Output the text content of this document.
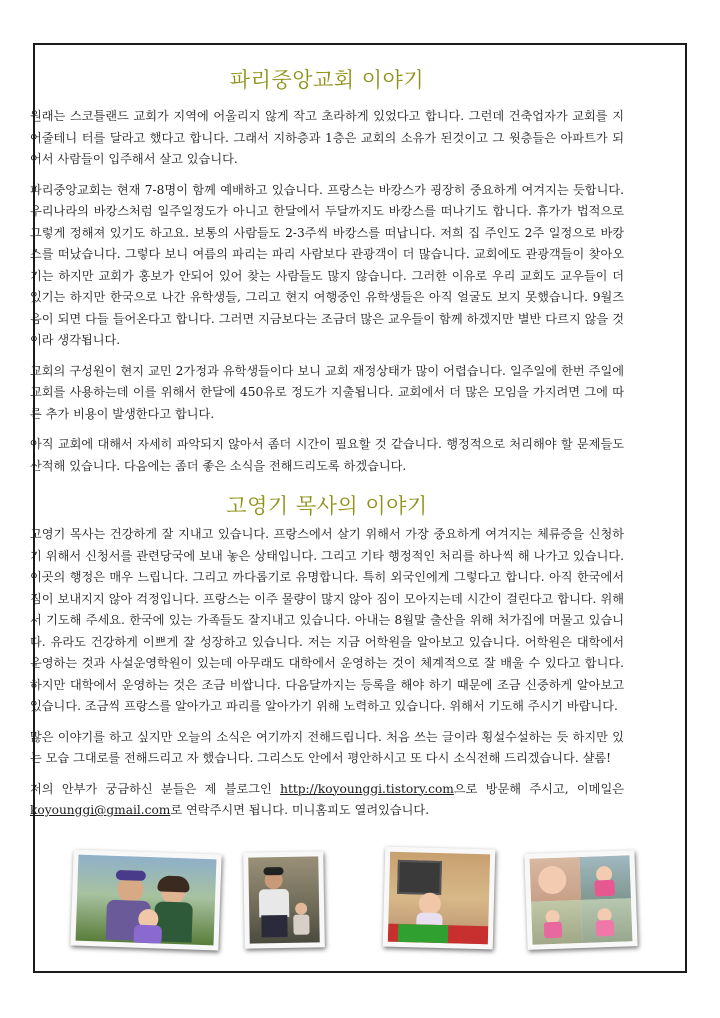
파리중앙교회 이야기

원래는 스코틀랜드 교회가 지역에 어울리지 않게 작고 초라하게 있었다고 합니다. 그런데 건축업자가 교회를 지어줄테니 터를 달라고 했다고 합니다. 그래서 지하층과 1층은 교회의 소유가 된것이고 그 윗층들은 아파트가 되어서 사람들이 입주해서 살고 있습니다.

파리중앙교회는 현재 7-8명이 함께 예배하고 있습니다. 프랑스는 바캉스가 굉장히 중요하게 여겨지는 듯합니다. 우리나라의 바캉스처럼 일주일정도가 아니고 한달에서 두달까지도 바캉스를 떠나기도 합니다. 휴가가 법적으로 그렇게 정해져 있기도 하고요. 보통의 사람들도 2-3주씩 바캉스를 떠납니다. 저희 집 주인도 2주 일정으로 바캉스를 떠났습니다. 그렇다 보니 여름의 파리는 파리 사람보다 관광객이 더 많습니다. 교회에도 관광객들이 찾아오기는 하지만 교회가 홍보가 안되어 있어 찾는 사람들도 많지 않습니다. 그러한 이유로 우리 교회도 교우들이 더 있기는 하지만 한국으로 나간 유학생들, 그리고 현지 여행중인 유학생들은 아직 얼굴도 보지 못했습니다. 9월즈음이 되면 다들 들어온다고 합니다. 그러면 지금보다는 조금더 많은 교우들이 함께 하겠지만 별반 다르지 않을 것이라 생각됩니다.

교회의 구성원이 현지 교민 2가정과 유학생들이다 보니 교회 재정상태가 많이 어렵습니다. 일주일에 한번 주일에 교회를 사용하는데 이를 위해서 한달에 450유로 정도가 지출됩니다. 교회에서 더 많은 모임을 가지려면 그에 따른 추가 비용이 발생한다고 합니다.

아직 교회에 대해서 자세히 파악되지 않아서 좀더 시간이 필요할 것 같습니다. 행정적으로 처리해야 할 문제들도 산적해 있습니다. 다음에는 좀더 좋은 소식을 전해드리도록 하겠습니다.

고영기 목사의 이야기

고영기 목사는 건강하게 잘 지내고 있습니다. 프랑스에서 살기 위해서 가장 중요하게 여겨지는 체류증을 신청하기 위해서 신청서를 관련당국에 보내 놓은 상태입니다. 그리고 기타 행정적인 처리를 하나씩 해 나가고 있습니다. 이곳의 행정은 매우 느립니다. 그리고 까다롭기로 유명합니다. 특히 외국인에게 그렇다고 합니다. 아직 한국에서 짐이 보내지지 않아 걱정입니다. 프랑스는 이주 물량이 많지 않아 짐이 모아지는데 시간이 걸린다고 합니다. 위해서 기도해 주세요. 한국에 있는 가족들도 잘지내고 있습니다. 아내는 8월말 출산을 위해 처가집에 머물고 있습니다. 유라도 건강하게 이쁘게 잘 성장하고 있습니다. 저는 지금 어학원을 알아보고 있습니다. 어학원은 대학에서 운영하는 것과 사설운영학원이 있는데 아무래도 대학에서 운영하는 것이 체계적으로 잘 배울 수 있다고 합니다. 하지만 대학에서 운영하는 것은 조금 비쌉니다. 다음달까지는 등록을 해야 하기 때문에 조금 신중하게 알아보고 있습니다. 조금씩 프랑스를 알아가고 파리를 알아가기 위해 노력하고 있습니다. 위해서 기도해 주시기 바랍니다.

많은 이야기를 하고 싶지만 오늘의 소식은 여기까지 전해드립니다. 처음 쓰는 글이라 횡설수설하는 듯 하지만 있는 모습 그대로를 전해드리고 자 했습니다. 그리스도 안에서 평안하시고 또 다시 소식전해 드리겠습니다. 샬롬!

저의 안부가 궁금하신 분들은 제 블로그인 http://koyounggi.tistory.com으로 방문해 주시고, 이메일은 koyounggi@gmail.com로 연락주시면 됩니다. 미니홈피도 열려있습니다.
